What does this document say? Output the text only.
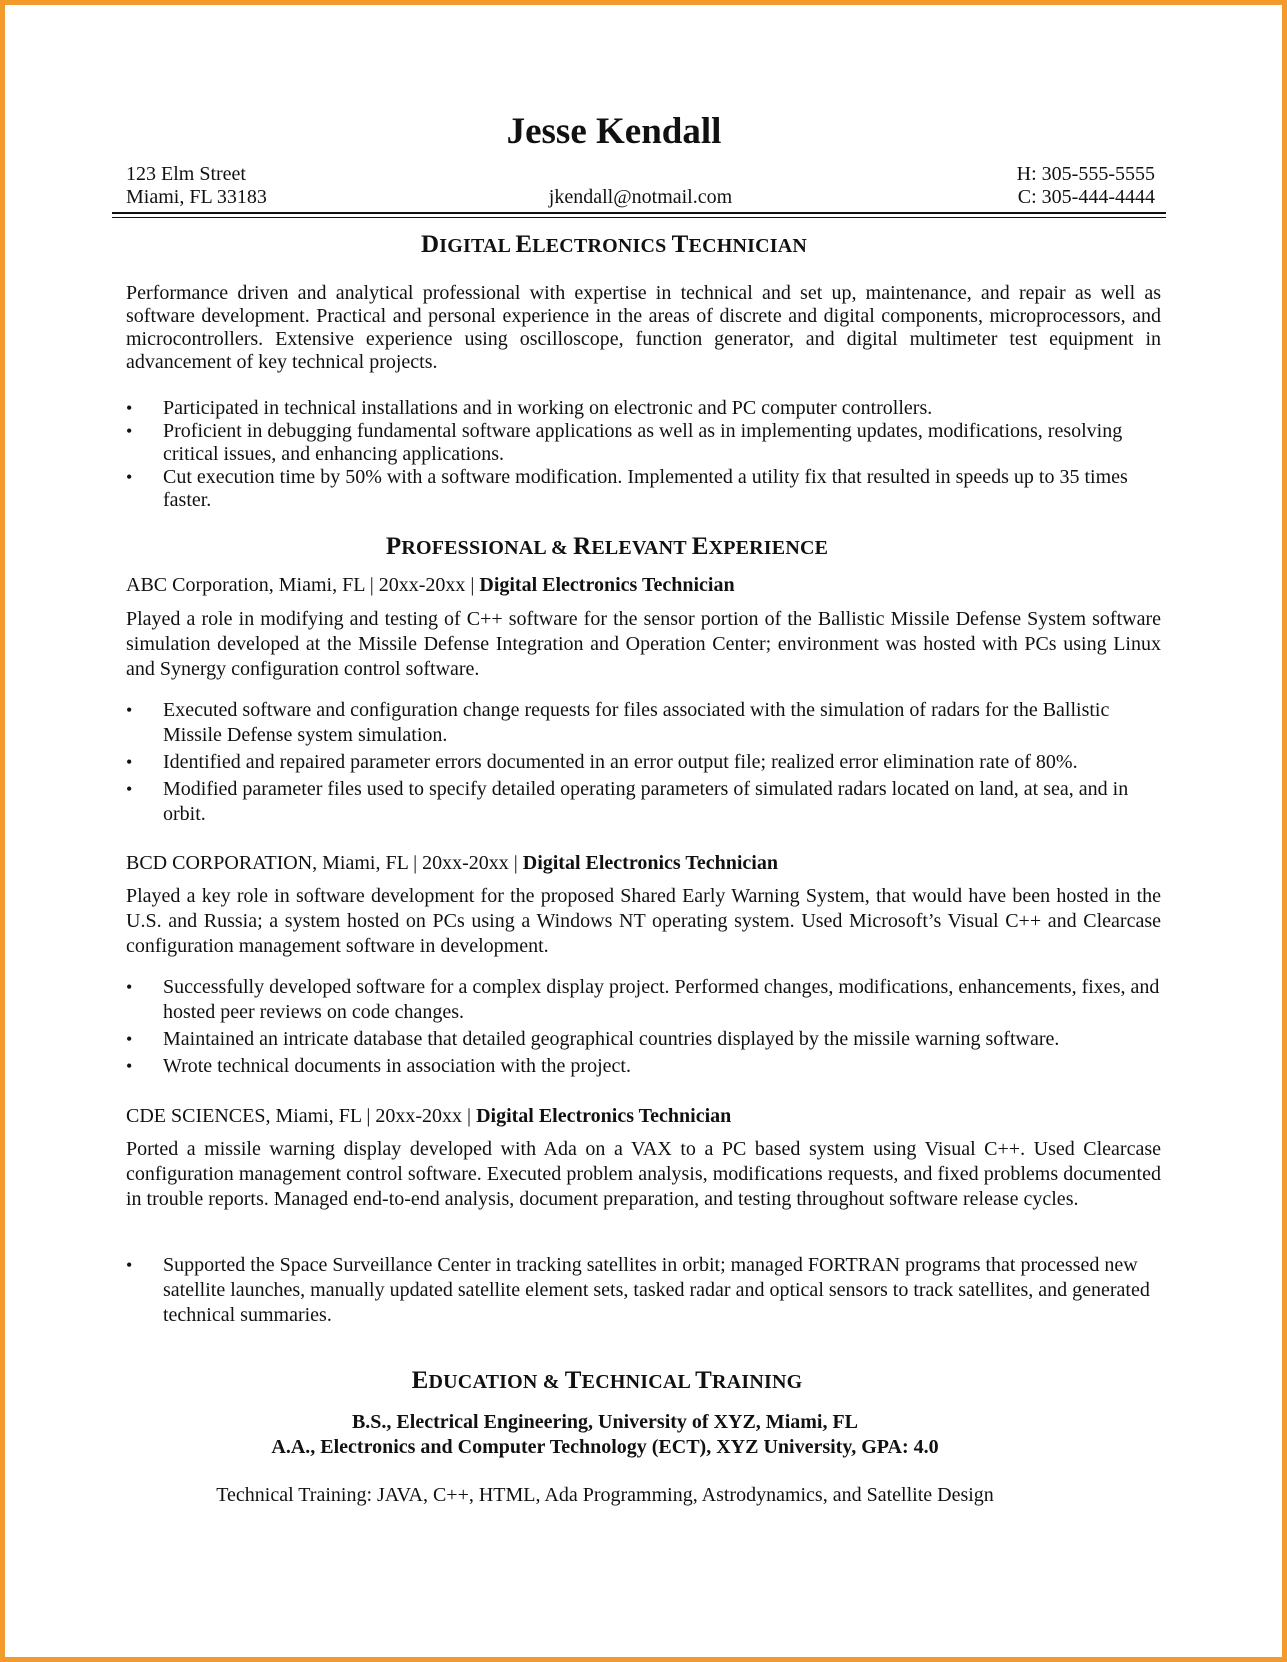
Jesse Kendall
123 Elm Street	H: 305-555-5555
Miami, FL 33183	jkendall@notmail.com	C: 305-444-4444
DIGITAL ELECTRONICS TECHNICIAN
Performance driven and analytical professional with expertise in technical and set up, maintenance, and repair as well as software development. Practical and personal experience in the areas of discrete and digital components, microprocessors, and microcontrollers. Extensive experience using oscilloscope, function generator, and digital multimeter test equipment in advancement of key technical projects.
• Participated in technical installations and in working on electronic and PC computer controllers.
• Proficient in debugging fundamental software applications as well as in implementing updates, modifications, resolving critical issues, and enhancing applications.
• Cut execution time by 50% with a software modification. Implemented a utility fix that resulted in speeds up to 35 times faster.
PROFESSIONAL & RELEVANT EXPERIENCE
ABC Corporation, Miami, FL | 20xx-20xx | Digital Electronics Technician
Played a role in modifying and testing of C++ software for the sensor portion of the Ballistic Missile Defense System software simulation developed at the Missile Defense Integration and Operation Center; environment was hosted with PCs using Linux and Synergy configuration control software.
• Executed software and configuration change requests for files associated with the simulation of radars for the Ballistic Missile Defense system simulation.
• Identified and repaired parameter errors documented in an error output file; realized error elimination rate of 80%.
• Modified parameter files used to specify detailed operating parameters of simulated radars located on land, at sea, and in orbit.
BCD CORPORATION, Miami, FL | 20xx-20xx | Digital Electronics Technician
Played a key role in software development for the proposed Shared Early Warning System, that would have been hosted in the U.S. and Russia; a system hosted on PCs using a Windows NT operating system. Used Microsoft’s Visual C++ and Clearcase configuration management software in development.
• Successfully developed software for a complex display project. Performed changes, modifications, enhancements, fixes, and hosted peer reviews on code changes.
• Maintained an intricate database that detailed geographical countries displayed by the missile warning software.
• Wrote technical documents in association with the project.
CDE SCIENCES, Miami, FL | 20xx-20xx | Digital Electronics Technician
Ported a missile warning display developed with Ada on a VAX to a PC based system using Visual C++. Used Clearcase configuration management control software. Executed problem analysis, modifications requests, and fixed problems documented in trouble reports. Managed end-to-end analysis, document preparation, and testing throughout software release cycles.
• Supported the Space Surveillance Center in tracking satellites in orbit; managed FORTRAN programs that processed new satellite launches, manually updated satellite element sets, tasked radar and optical sensors to track satellites, and generated technical summaries.
EDUCATION & TECHNICAL TRAINING
B.S., Electrical Engineering, University of XYZ, Miami, FL
A.A., Electronics and Computer Technology (ECT), XYZ University, GPA: 4.0
Technical Training: JAVA, C++, HTML, Ada Programming, Astrodynamics, and Satellite Design
